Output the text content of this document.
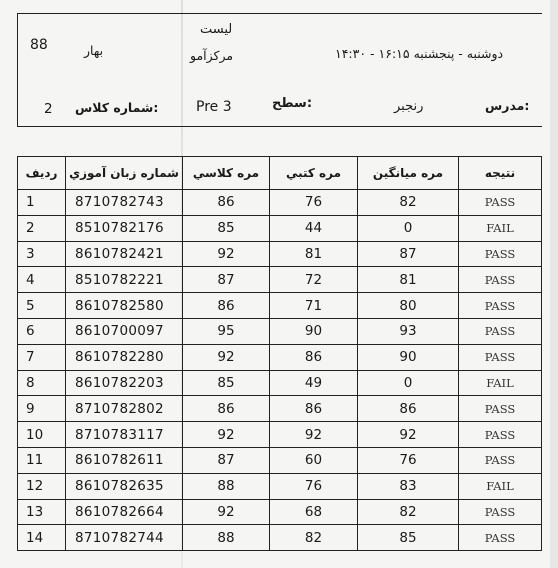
لیست
88	بهار	مرکزآمو	دوشنبه - پنجشنبه ۱۶:۱۵ - ۱۴:۳۰
2 شماره کلاس:	Pre 3	سطح:	رنجبر	مدرس:
ردیف	شماره زبان آموزي	مره كلاسي	مره كتبي	مره ميانگين	نتيجه
1	8710782743	86	76	82	PASS
2	8510782176	85	44	0	FAIL
3	8610782421	92	81	87	PASS
4	8510782221	87	72	81	PASS
5	8610782580	86	71	80	PASS
6	8610700097	95	90	93	PASS
7	8610782280	92	86	90	PASS
8	8610782203	85	49	0	FAIL
9	8710782802	86	86	86	PASS
10	8710783117	92	92	92	PASS
11	8610782611	87	60	76	PASS
12	8610782635	88	76	83	FAIL
13	8610782664	92	68	82	PASS
14	8710782744	88	82	85	PASS
